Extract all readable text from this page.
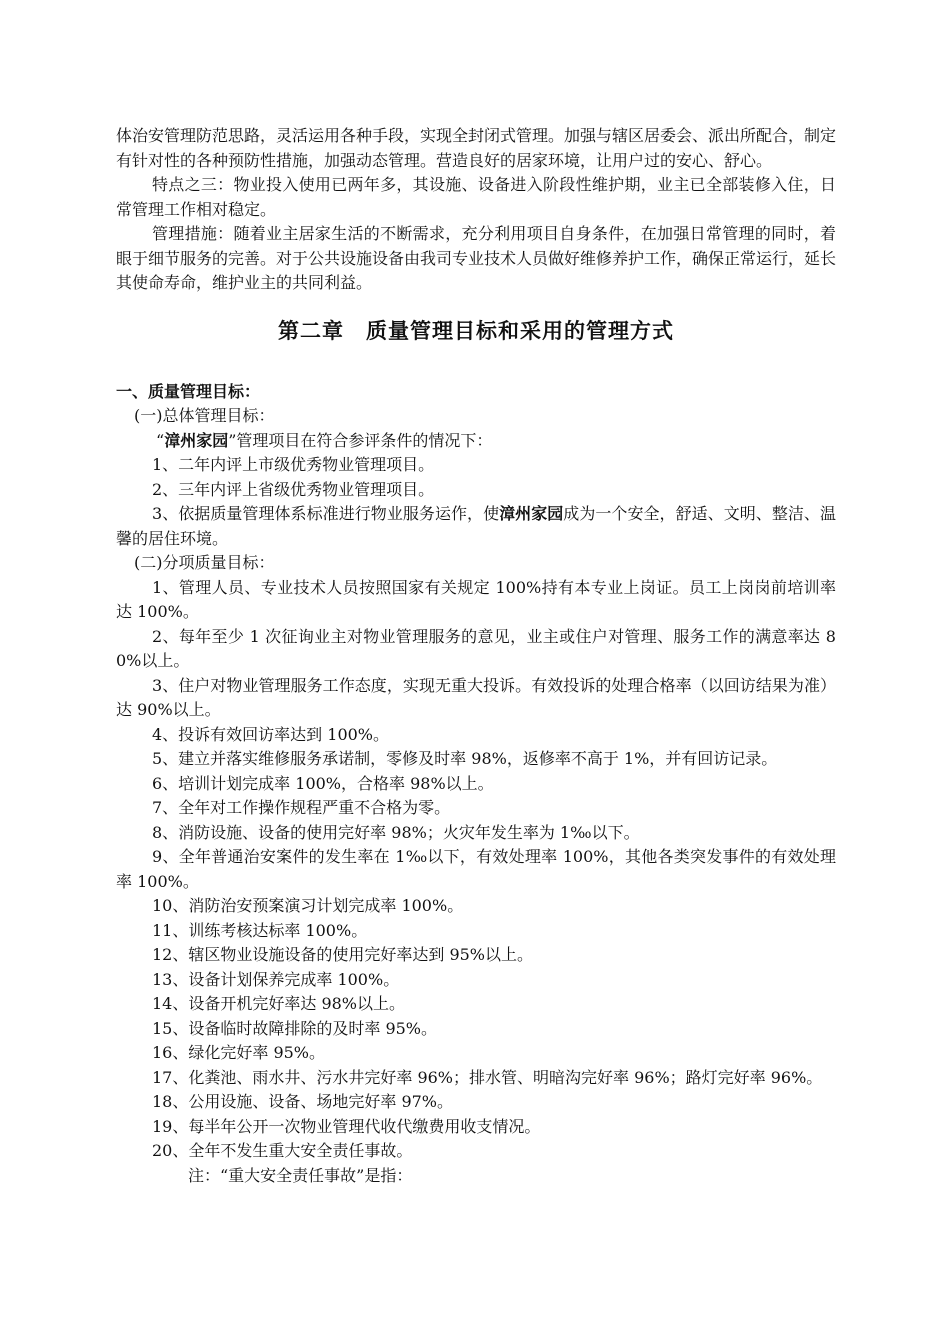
体治安管理防范思路，灵活运用各种手段，实现全封闭式管理。加强与辖区居委会、派出所配合，制定有针对性的各种预防性措施，加强动态管理。营造良好的居家环境，让用户过的安心、舒心。

特点之三：物业投入使用已两年多，其设施、设备进入阶段性维护期，业主已全部装修入住，日常管理工作相对稳定。

管理措施：随着业主居家生活的不断需求，充分利用项目自身条件，在加强日常管理的同时，着眼于细节服务的完善。对于公共设施设备由我司专业技术人员做好维修养护工作，确保正常运行，延长其使命寿命，维护业主的共同利益。

第二章　质量管理目标和采用的管理方式
一、质量管理目标：

(一)总体管理目标：

“漳州家园”管理项目在符合参评条件的情况下：

1、二年内评上市级优秀物业管理项目。

2、三年内评上省级优秀物业管理项目。

3、依据质量管理体系标准进行物业服务运作，使漳州家园成为一个安全，舒适、文明、整洁、温馨的居住环境。

(二)分项质量目标：

1、管理人员、专业技术人员按照国家有关规定 100%持有本专业上岗证。员工上岗岗前培训率达 100%。

2、每年至少 1 次征询业主对物业管理服务的意见，业主或住户对管理、服务工作的满意率达 80%以上。

3、住户对物业管理服务工作态度，实现无重大投诉。有效投诉的处理合格率（以回访结果为准）达 90%以上。

4、投诉有效回访率达到 100%。

5、建立并落实维修服务承诺制，零修及时率 98%，返修率不高于 1%，并有回访记录。

6、培训计划完成率 100%，合格率 98%以上。

7、全年对工作操作规程严重不合格为零。

8、消防设施、设备的使用完好率 98%；火灾年发生率为 1‰以下。

9、全年普通治安案件的发生率在 1‰以下，有效处理率 100%，其他各类突发事件的有效处理率 100%。

10、消防治安预案演习计划完成率 100%。

11、训练考核达标率 100%。

12、辖区物业设施设备的使用完好率达到 95%以上。

13、设备计划保养完成率 100%。

14、设备开机完好率达 98%以上。

15、设备临时故障排除的及时率 95%。

16、绿化完好率 95%。

17、化粪池、雨水井、污水井完好率 96%；排水管、明暗沟完好率 96%；路灯完好率 96%。

18、公用设施、设备、场地完好率 97%。

19、每半年公开一次物业管理代收代缴费用收支情况。

20、全年不发生重大安全责任事故。

注：“重大安全责任事故”是指：
